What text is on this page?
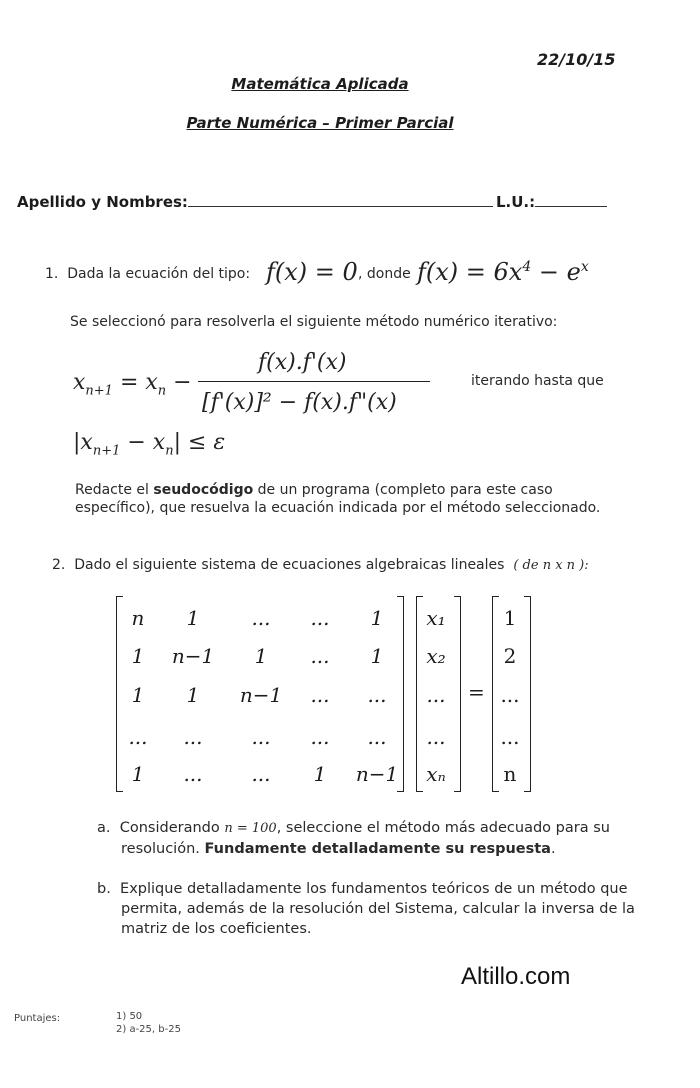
22/10/15
Matemática Aplicada
Parte Numérica – Primer Parcial
Apellido y Nombres:	L.U.:
1. Dada la ecuación del tipo: f(x) = 0 , donde $f(x) = 6x^4 - e^x$
Se seleccionó para resolverla el siguiente método numérico iterativo:
$x_{n+1} = x_n$ −
f(x).f'(x)
[f'(x)]² − f(x).f"(x)
iterando hasta que
$|x_{n+1} - x_n| \le \varepsilon$
Redacte el seudocódigo de un programa (completo para este caso
específico), que resuelva la ecuación indicada por el método seleccionado.
2. Dado el siguiente sistema de ecuaciones algebraicas lineales ( de n x n ):
n	1	...	...	1
1	n−1	1	...	1
1	1	n−1	...	...
...	...	...	...	...
1	...	...	1	n−1
x₁
x₂
...
...
xₙ
=
1
2
...
...
n
a. Considerando n = 100, seleccione el método más adecuado para su
resolución. Fundamente detalladamente su respuesta.
b. Explique detalladamente los fundamentos teóricos de un método que
permita, además de la resolución del Sistema, calcular la inversa de la
matriz de los coeficientes.
Altillo.com
Puntajes:	1) 50
2) a-25, b-25
